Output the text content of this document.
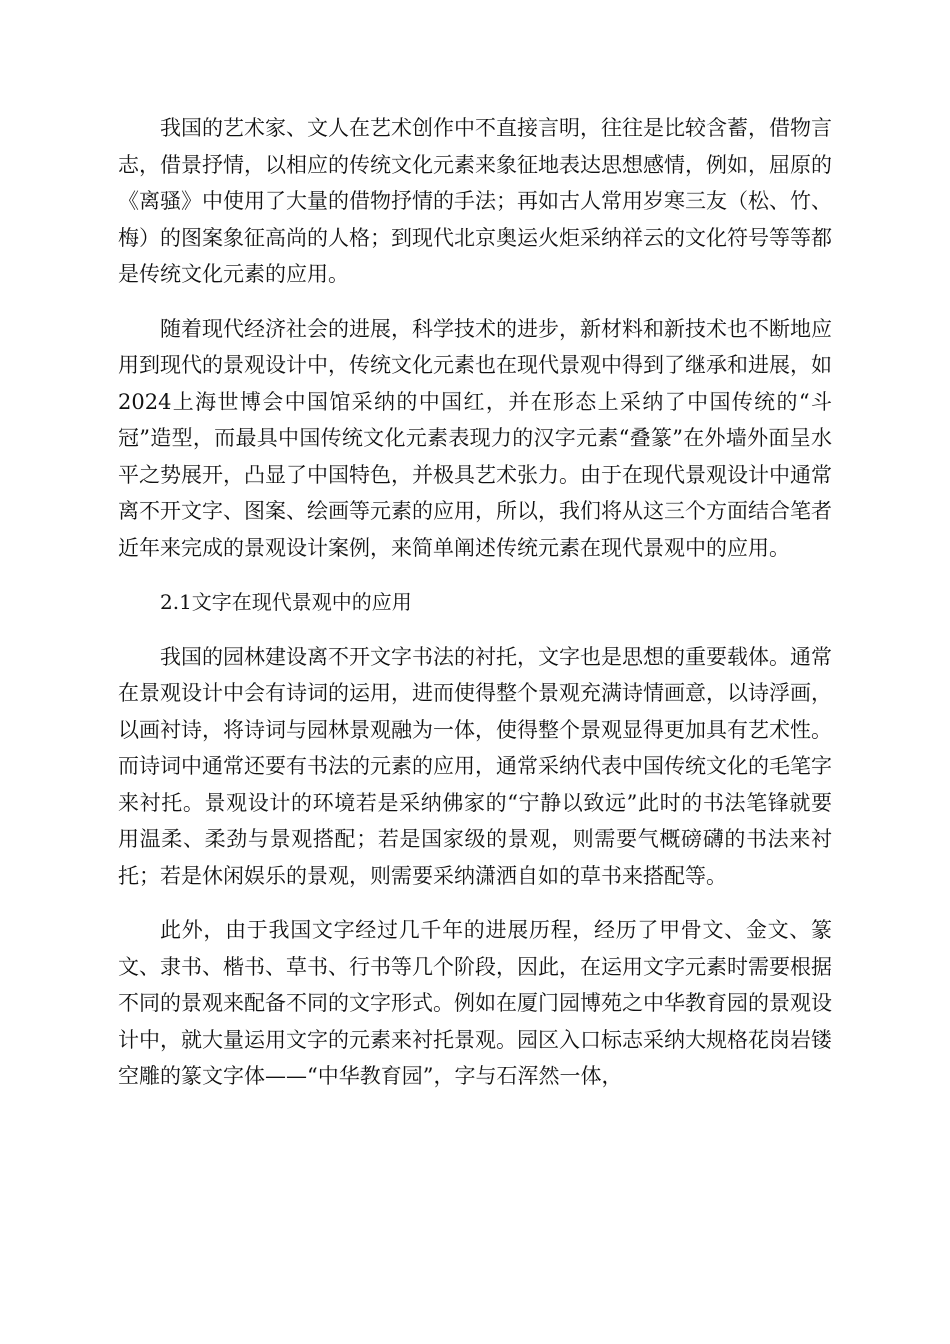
我国的艺术家、文人在艺术创作中不直接言明，往往是比较含蓄，借物言志，借景抒情，以相应的传统文化元素来象征地表达思想感情，例如，屈原的《离骚》中使用了大量的借物抒情的手法；再如古人常用岁寒三友（松、竹、梅）的图案象征高尚的人格；到现代北京奥运火炬采纳祥云的文化符号等等都是传统文化元素的应用。

随着现代经济社会的进展，科学技术的进步，新材料和新技术也不断地应用到现代的景观设计中，传统文化元素也在现代景观中得到了继承和进展，如2024上海世博会中国馆采纳的中国红，并在形态上采纳了中国传统的“斗冠”造型，而最具中国传统文化元素表现力的汉字元素“叠篆”在外墙外面呈水平之势展开，凸显了中国特色，并极具艺术张力。由于在现代景观设计中通常离不开文字、图案、绘画等元素的应用，所以，我们将从这三个方面结合笔者近年来完成的景观设计案例，来简单阐述传统元素在现代景观中的应用。

2.1文字在现代景观中的应用

我国的园林建设离不开文字书法的衬托，文字也是思想的重要载体。通常在景观设计中会有诗词的运用，进而使得整个景观充满诗情画意，以诗浮画，以画衬诗，将诗词与园林景观融为一体，使得整个景观显得更加具有艺术性。而诗词中通常还要有书法的元素的应用，通常采纳代表中国传统文化的毛笔字来衬托。景观设计的环境若是采纳佛家的“宁静以致远”此时的书法笔锋就要用温柔、柔劲与景观搭配；若是国家级的景观，则需要气概磅礴的书法来衬托；若是休闲娱乐的景观，则需要采纳潇洒自如的草书来搭配等。

此外，由于我国文字经过几千年的进展历程，经历了甲骨文、金文、篆文、隶书、楷书、草书、行书等几个阶段，因此，在运用文字元素时需要根据不同的景观来配备不同的文字形式。例如在厦门园博苑之中华教育园的景观设计中，就大量运用文字的元素来衬托景观。园区入口标志采纳大规格花岗岩镂空雕的篆文字体——“中华教育园”，字与石浑然一体，
